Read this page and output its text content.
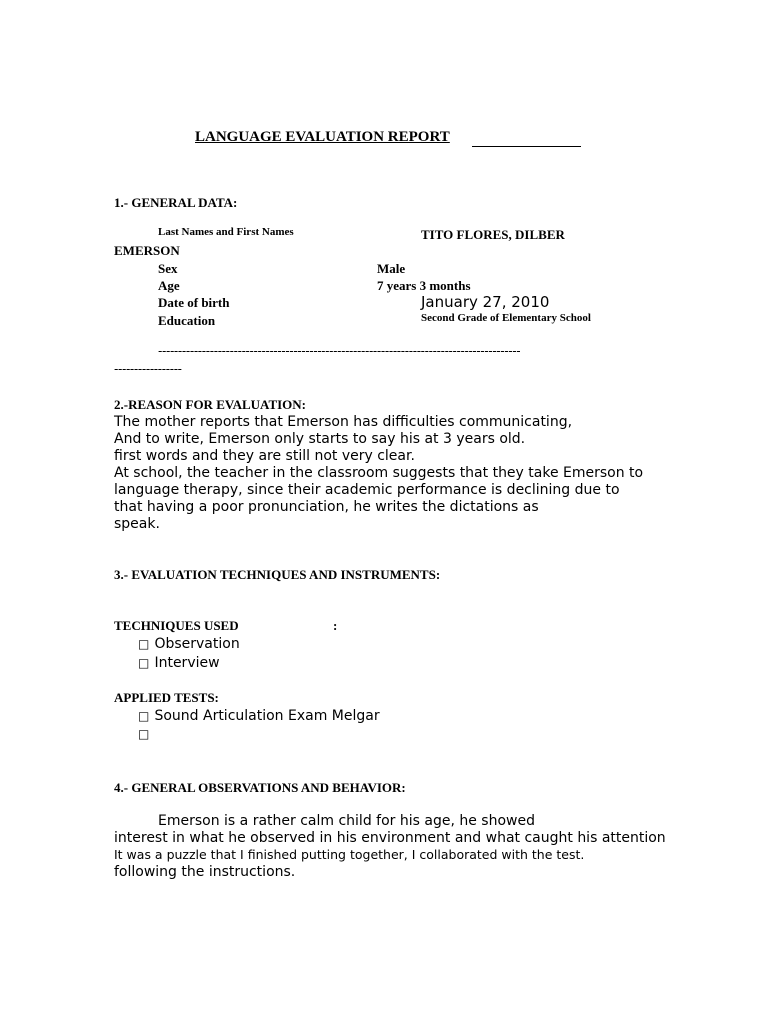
LANGUAGE EVALUATION REPORT
1.- GENERAL DATA:
Last Names and First Names	TITO FLORES, DILBER
EMERSON
Sex	Male
Age	7 years 3 months
Date of birth	January 27, 2010
Education	Second Grade of Elementary School
-------------------------------------------------------------------------------------------
-----------------
2.-REASON FOR EVALUATION:
The mother reports that Emerson has difficulties communicating,
And to write, Emerson only starts to say his at 3 years old.
first words and they are still not very clear.
At school, the teacher in the classroom suggests that they take Emerson to
language therapy, since their academic performance is declining due to
that having a poor pronunciation, he writes the dictations as
speak.
3.- EVALUATION TECHNIQUES AND INSTRUMENTS:
TECHNIQUES USED	:
□ Observation
□ Interview
APPLIED TESTS:
□ Sound Articulation Exam Melgar
□
4.- GENERAL OBSERVATIONS AND BEHAVIOR:
Emerson is a rather calm child for his age, he showed
interest in what he observed in his environment and what caught his attention
It was a puzzle that I finished putting together, I collaborated with the test.
following the instructions.
